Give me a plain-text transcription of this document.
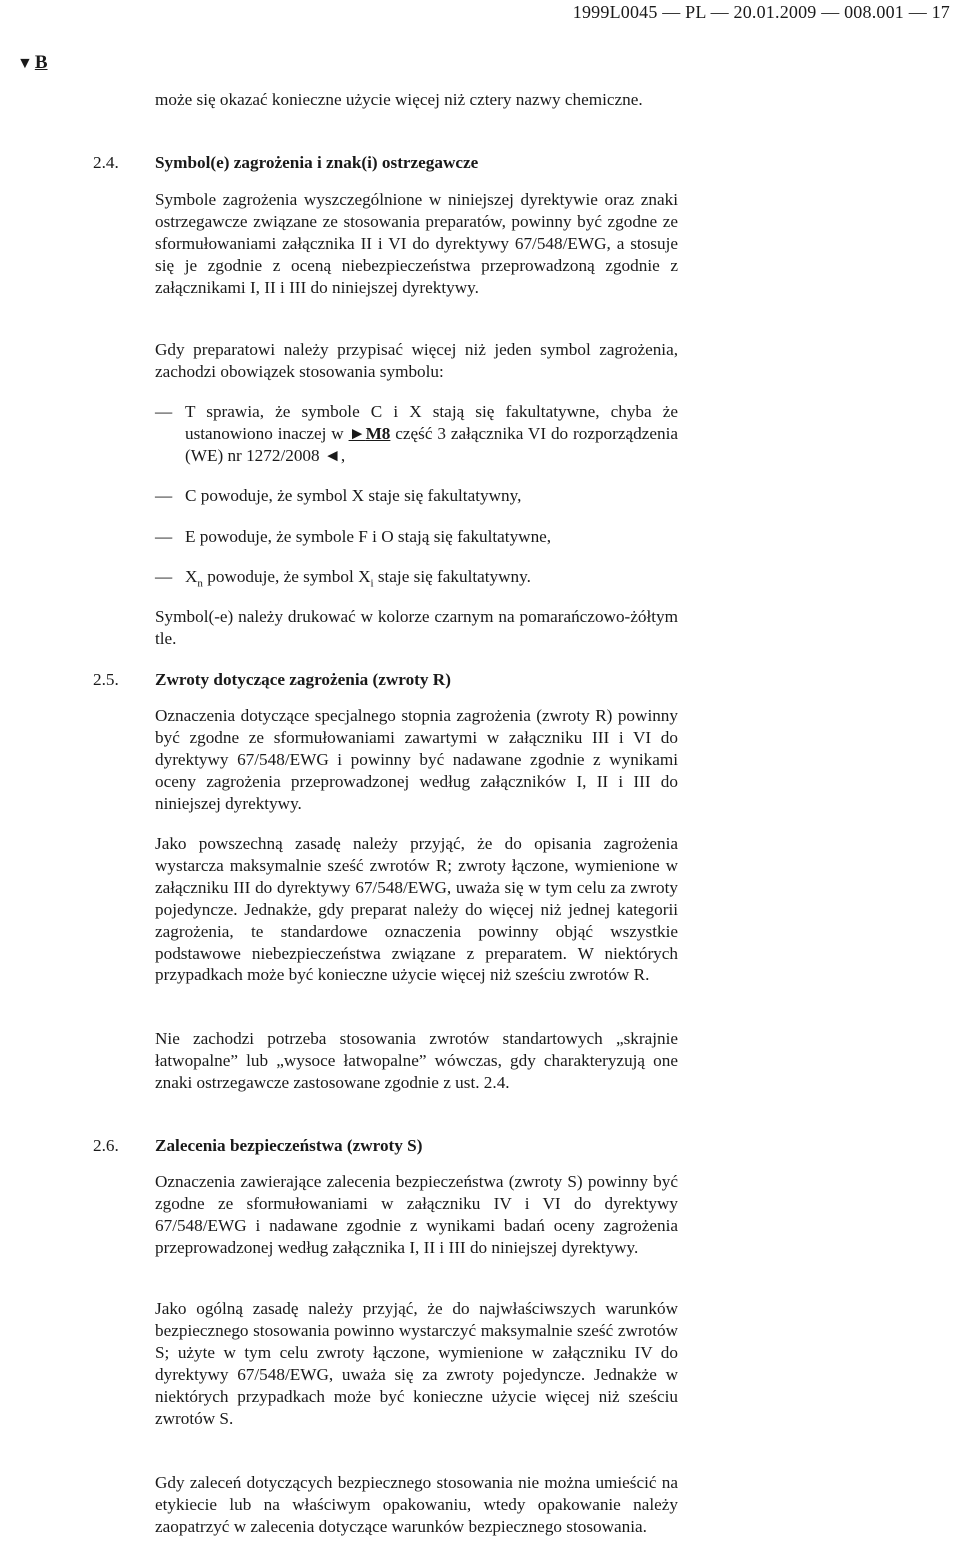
1999L0045 — PL — 20.01.2009 — 008.001 — 17
▼ B

może się okazać konieczne użycie więcej niż cztery nazwy chemiczne.

2.4. Symbol(e) zagrożenia i znak(i) ostrzegawcze

Symbole zagrożenia wyszczególnione w niniejszej dyrektywie oraz znaki ostrzegawcze związane ze stosowania preparatów, powinny być zgodne ze sformułowaniami załącznika II i VI do dyrektywy 67/548/EWG, a stosuje się je zgodnie z oceną niebezpieczeństwa przeprowadzoną zgodnie z załącznikami I, II i III do niniejszej dyrektywy.

Gdy preparatowi należy przypisać więcej niż jeden symbol zagrożenia, zachodzi obowiązek stosowania symbolu:

— T sprawia, że symbole C i X stają się fakultatywne, chyba że ustanowiono inaczej w ►M8 część 3 załącznika VI do rozporządzenia (WE) nr 1272/2008 ◄,

— C powoduje, że symbol X staje się fakultatywny,

— E powoduje, że symbole F i O stają się fakultatywne,

— $X_n$ powoduje, że symbol $X_i$ staje się fakultatywny.

Symbol(-e) należy drukować w kolorze czarnym na pomarańczowo-żółtym tle.

2.5. Zwroty dotyczące zagrożenia (zwroty R)

Oznaczenia dotyczące specjalnego stopnia zagrożenia (zwroty R) powinny być zgodne ze sformułowaniami zawartymi w załączniku III i VI do dyrektywy 67/548/EWG i powinny być nadawane zgodnie z wynikami oceny zagrożenia przeprowadzonej według załączników I, II i III do niniejszej dyrektywy.

Jako powszechną zasadę należy przyjąć, że do opisania zagrożenia wystarcza maksymalnie sześć zwrotów R; zwroty łączone, wymienione w załączniku III do dyrektywy 67/548/EWG, uważa się w tym celu za zwroty pojedyncze. Jednakże, gdy preparat należy do więcej niż jednej kategorii zagrożenia, te standardowe oznaczenia powinny objąć wszystkie podstawowe niebezpieczeństwa związane z preparatem. W niektórych przypadkach może być konieczne użycie więcej niż sześciu zwrotów R.

Nie zachodzi potrzeba stosowania zwrotów standartowych „skrajnie łatwopalne” lub „wysoce łatwopalne” wówczas, gdy charakteryzują one znaki ostrzegawcze zastosowane zgodnie z ust. 2.4.

2.6. Zalecenia bezpieczeństwa (zwroty S)

Oznaczenia zawierające zalecenia bezpieczeństwa (zwroty S) powinny być zgodne ze sformułowaniami w załączniku IV i VI do dyrektywy 67/548/EWG i nadawane zgodnie z wynikami badań oceny zagrożenia przeprowadzonej według załącznika I, II i III do niniejszej dyrektywy.

Jako ogólną zasadę należy przyjąć, że do najwłaściwszych warunków bezpiecznego stosowania powinno wystarczyć maksymalnie sześć zwrotów S; użyte w tym celu zwroty łączone, wymienione w załączniku IV do dyrektywy 67/548/EWG, uważa się za zwroty pojedyncze. Jednakże w niektórych przypadkach może być konieczne użycie więcej niż sześciu zwrotów S.

Gdy zaleceń dotyczących bezpiecznego stosowania nie można umieścić na etykiecie lub na właściwym opakowaniu, wtedy opakowanie należy zaopatrzyć w zalecenia dotyczące warunków bezpiecznego stosowania.
